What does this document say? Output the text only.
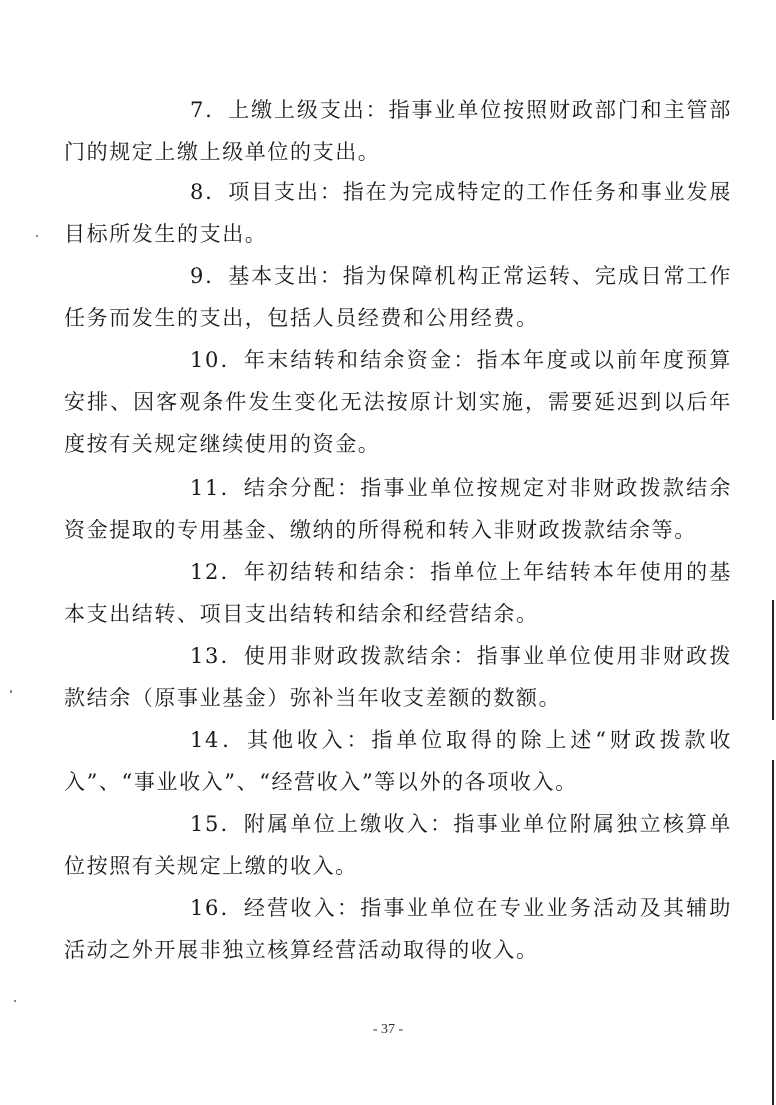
7．上缴上级支出：指事业单位按照财政部门和主管部门的规定上缴上级单位的支出。

8．项目支出：指在为完成特定的工作任务和事业发展目标所发生的支出。

9．基本支出：指为保障机构正常运转、完成日常工作任务而发生的支出，包括人员经费和公用经费。

10．年末结转和结余资金：指本年度或以前年度预算安排、因客观条件发生变化无法按原计划实施，需要延迟到以后年度按有关规定继续使用的资金。

11．结余分配：指事业单位按规定对非财政拨款结余资金提取的专用基金、缴纳的所得税和转入非财政拨款结余等。

12．年初结转和结余：指单位上年结转本年使用的基本支出结转、项目支出结转和结余和经营结余。

13．使用非财政拨款结余：指事业单位使用非财政拨款结余（原事业基金）弥补当年收支差额的数额。

14．其他收入：指单位取得的除上述“财政拨款收入”、“事业收入”、“经营收入”等以外的各项收入。

15．附属单位上缴收入：指事业单位附属独立核算单位按照有关规定上缴的收入。

16．经营收入：指事业单位在专业业务活动及其辅助活动之外开展非独立核算经营活动取得的收入。

- 37 -
